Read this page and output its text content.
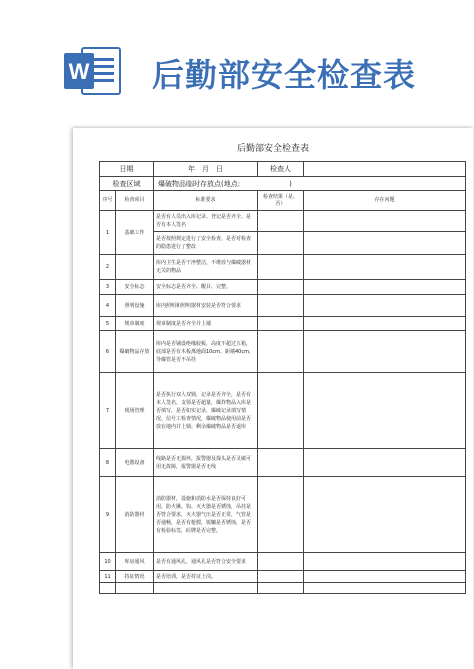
W 后勤部安全检查表
后勤部安全检查表
日期		年　月　日	检查人	
检查区域		爆破物品临时存放点(地点:　　　　　　　)		
序号	检查项目	标准要求	检查结果（是、否）	存在问题
1	基础工作	是否有人员出入库记录、登记是否齐全、是否有本人签名		
		是否按照规定进行了安全检查，是否对检查的隐患进行了整改		
2		库内卫生是否干净整洁，不堆放与爆破器材无关的物品		
3	安全标志	安全标志是否齐全、醒目、完整。		
4	照明设施	库内照明和照明器材安装是否符合要求		
5	规章制度	规章制度是否齐全并上墙		
6	爆破物品存放	库内是否铺设绝缘胶板，高度不超过五箱，底部是否有木板离地面10cm、距墙40cm，导爆管是否不吊挂		
7	现场管理	是否执行双人双锁，记录是否齐全，是否有本人签名，支领是否超量，爆炸物品入库是否填写，是否如实记录，爆破记录填写情况、信号工检查情况，爆破物品使用前是否放在地内并上锁、剩余爆破物品是否退库		
8	电器设备	线路是否无损坏，报警器及探头是否灵敏可用无故障，报警器是否无线		
9	消防器材	消防器材，设施和消防水是否保持良好可用，防火锹、钩、灭火器是否锈蚀，吊挂是否符合要求，灭火器气压是否正常，气管是否通畅，是否有枪膛，锐镰是否锈蚀，是否有检验标签，砼牌是否完整。		
10	库房通风	是否有通风孔，通风孔是否符合安全要求		
11	持证情况	是否培训，是否持证上岗。		
